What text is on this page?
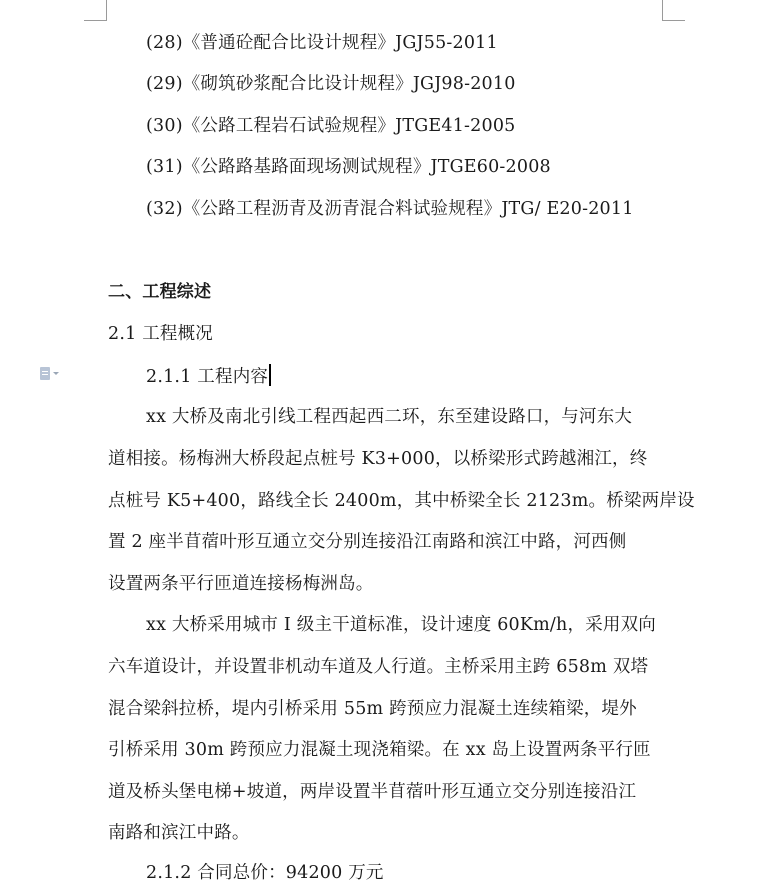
(28)《普通砼配合比设计规程》JGJ55-2011
(29)《砌筑砂浆配合比设计规程》JGJ98-2010
(30)《公路工程岩石试验规程》JTGE41-2005
(31)《公路路基路面现场测试规程》JTGE60-2008
(32)《公路工程沥青及沥青混合料试验规程》JTG/ E20-2011
二、工程综述
2.1 工程概况
2.1.1 工程内容
xx 大桥及南北引线工程西起西二环，东至建设路口，与河东大
道相接。杨梅洲大桥段起点桩号 K3+000，以桥梁形式跨越湘江，终
点桩号 K5+400，路线全长 2400m，其中桥梁全长 2123m。桥梁两岸设
置 2 座半苜蓿叶形互通立交分别连接沿江南路和滨江中路，河西侧
设置两条平行匝道连接杨梅洲岛。
xx 大桥采用城市 I 级主干道标准，设计速度 60Km/h，采用双向
六车道设计，并设置非机动车道及人行道。主桥采用主跨 658m 双塔
混合梁斜拉桥，堤内引桥采用 55m 跨预应力混凝土连续箱梁，堤外
引桥采用 30m 跨预应力混凝土现浇箱梁。在 xx 岛上设置两条平行匝
道及桥头堡电梯+坡道，两岸设置半苜蓿叶形互通立交分别连接沿江
南路和滨江中路。
2.1.2 合同总价：94200 万元
